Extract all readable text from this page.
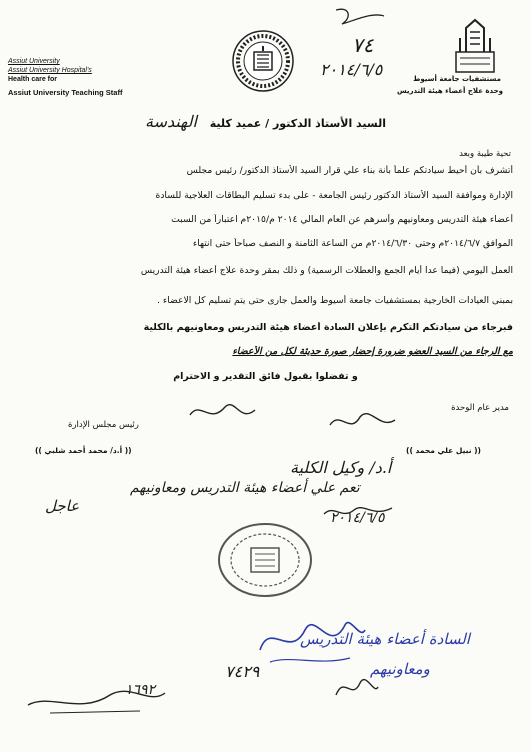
Assiut University
Assiut University Hospital's
Health care for
Assiut University Teaching Staff
مستشفيات جامعة أسيوط
وحدة علاج أعضاء هيئة التدريس
٧٤
٢٠١٤/٦/٥
السيد الأستاذ الدكتور / عميد كلية
الهندسة
تحية طيبة وبعد
أتشرف بأن أحيط سيادتكم علماً بأنة بناء علي قرار السيد الأستاذ الدكتور/ رئيس مجلس
الإدارة وموافقة السيد الأستاذ الدكتور رئيس الجامعة - على بدء تسليم البطاقات العلاجية للسادة
أعضاء هيئة التدريس ومعاونيهم وأسرهم عن العام المالي ٢٠١٤ م/٢٠١٥م اعتباراً من السبت
الموافق ٢٠١٤/٦/٧م وحتى ٢٠١٤/٦/٣٠م من الساعة الثامنة و النصف صباحاً حتى انتهاء
العمل اليومي (فيما عدا أيام الجمع والعطلات الرسمية) و ذلك بمقر وحدة علاج أعضاء هيئة التدريس
بمبنى العيادات الخارجية بمستشفيات جامعة أسيوط والعمل جارى حتى يتم تسليم كل الاعضاء .
فبرجاء من سيادتكم التكرم بإعلان السادة أعضاء هيئة التدريس ومعاونيهم بالكلية
مع الرجاء من السيد العضو ضرورة إحضار صورة حديثة لكل من الأعضاء
و تفضلوا بقبول فائق التقدير و الاحترام
مدير عام الوحدة
رئيس مجلس الإدارة
(( نبيل علي محمد ))
(( أ.د/ محمد أحمد شلبي ))
عاجل
أ.د/ وكيل الكلية
تعم علي أعضاء هيئة التدريس ومعاونيهم
٢٠١٤/٦/٥
السادة أعضاء هيئة التدريس
ومعاونيهم
٧٤٢٩
١٦٩٢
